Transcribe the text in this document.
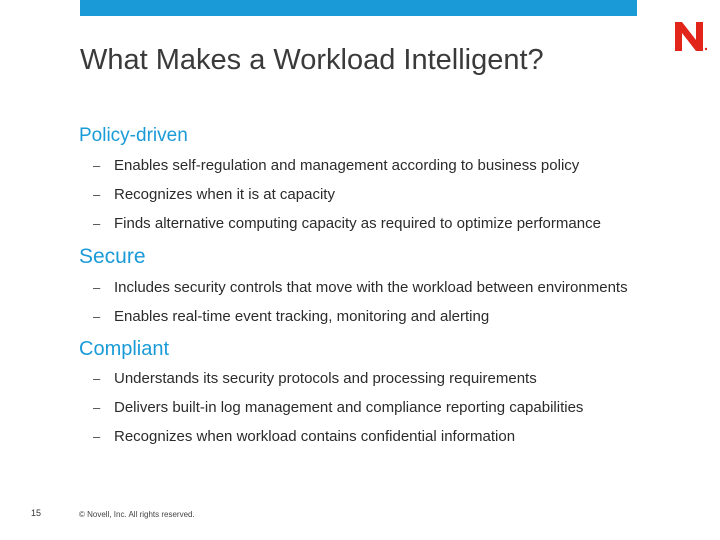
What Makes a Workload Intelligent?
Policy-driven
– Enables self-regulation and management according to business policy
– Recognizes when it is at capacity
– Finds alternative computing capacity as required to optimize performance
Secure
– Includes security controls that move with the workload between environments
– Enables real-time event tracking, monitoring and alerting
Compliant
– Understands its security protocols and processing requirements
– Delivers built-in log management and compliance reporting capabilities
– Recognizes when workload contains confidential information
15	© Novell, Inc. All rights reserved.
